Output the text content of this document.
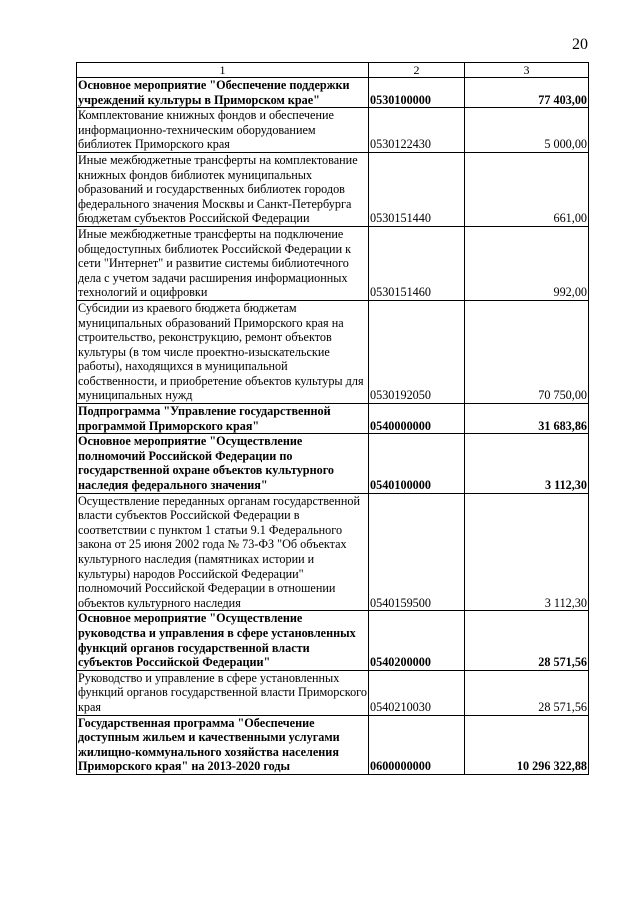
20
1	2	3
Основное мероприятие "Обеспечение поддержки учреждений культуры в Приморском крае"	0530100000	77 403,00
Комплектование книжных фондов и обеспечение информационно-техническим оборудованием библиотек Приморского края	0530122430	5 000,00
Иные межбюджетные трансферты на комплектование книжных фондов библиотек муниципальных образований и государственных библиотек городов федерального значения Москвы и Санкт-Петербурга бюджетам субъектов Российской Федерации	0530151440	661,00
Иные межбюджетные трансферты на подключение общедоступных библиотек Российской Федерации к сети "Интернет" и развитие системы библиотечного дела с учетом задачи расширения информационных технологий и оцифровки	0530151460	992,00
Субсидии из краевого бюджета бюджетам муниципальных образований Приморского края на строительство, реконструкцию, ремонт объектов культуры (в том числе проектно-изыскательские работы), находящихся в муниципальной собственности, и приобретение объектов культуры для муниципальных нужд	0530192050	70 750,00
Подпрограмма "Управление государственной программой Приморского края"	0540000000	31 683,86
Основное мероприятие "Осуществление полномочий Российской Федерации по государственной охране объектов культурного наследия федерального значения"	0540100000	3 112,30
Осуществление переданных органам государственной власти субъектов Российской Федерации в соответствии с пунктом 1 статьи 9.1 Федерального закона от 25 июня 2002 года № 73-ФЗ "Об объектах культурного наследия (памятниках истории и культуры) народов Российской Федерации" полномочий Российской Федерации в отношении объектов культурного наследия	0540159500	3 112,30
Основное мероприятие "Осуществление руководства и управления в сфере установленных функций органов государственной власти субъектов Российской Федерации"	0540200000	28 571,56
Руководство и управление в сфере установленных функций органов государственной власти Приморского края	0540210030	28 571,56
Государственная программа "Обеспечение доступным жильем и качественными услугами жилищно-коммунального хозяйства населения Приморского края" на 2013-2020 годы	0600000000	10 296 322,88
